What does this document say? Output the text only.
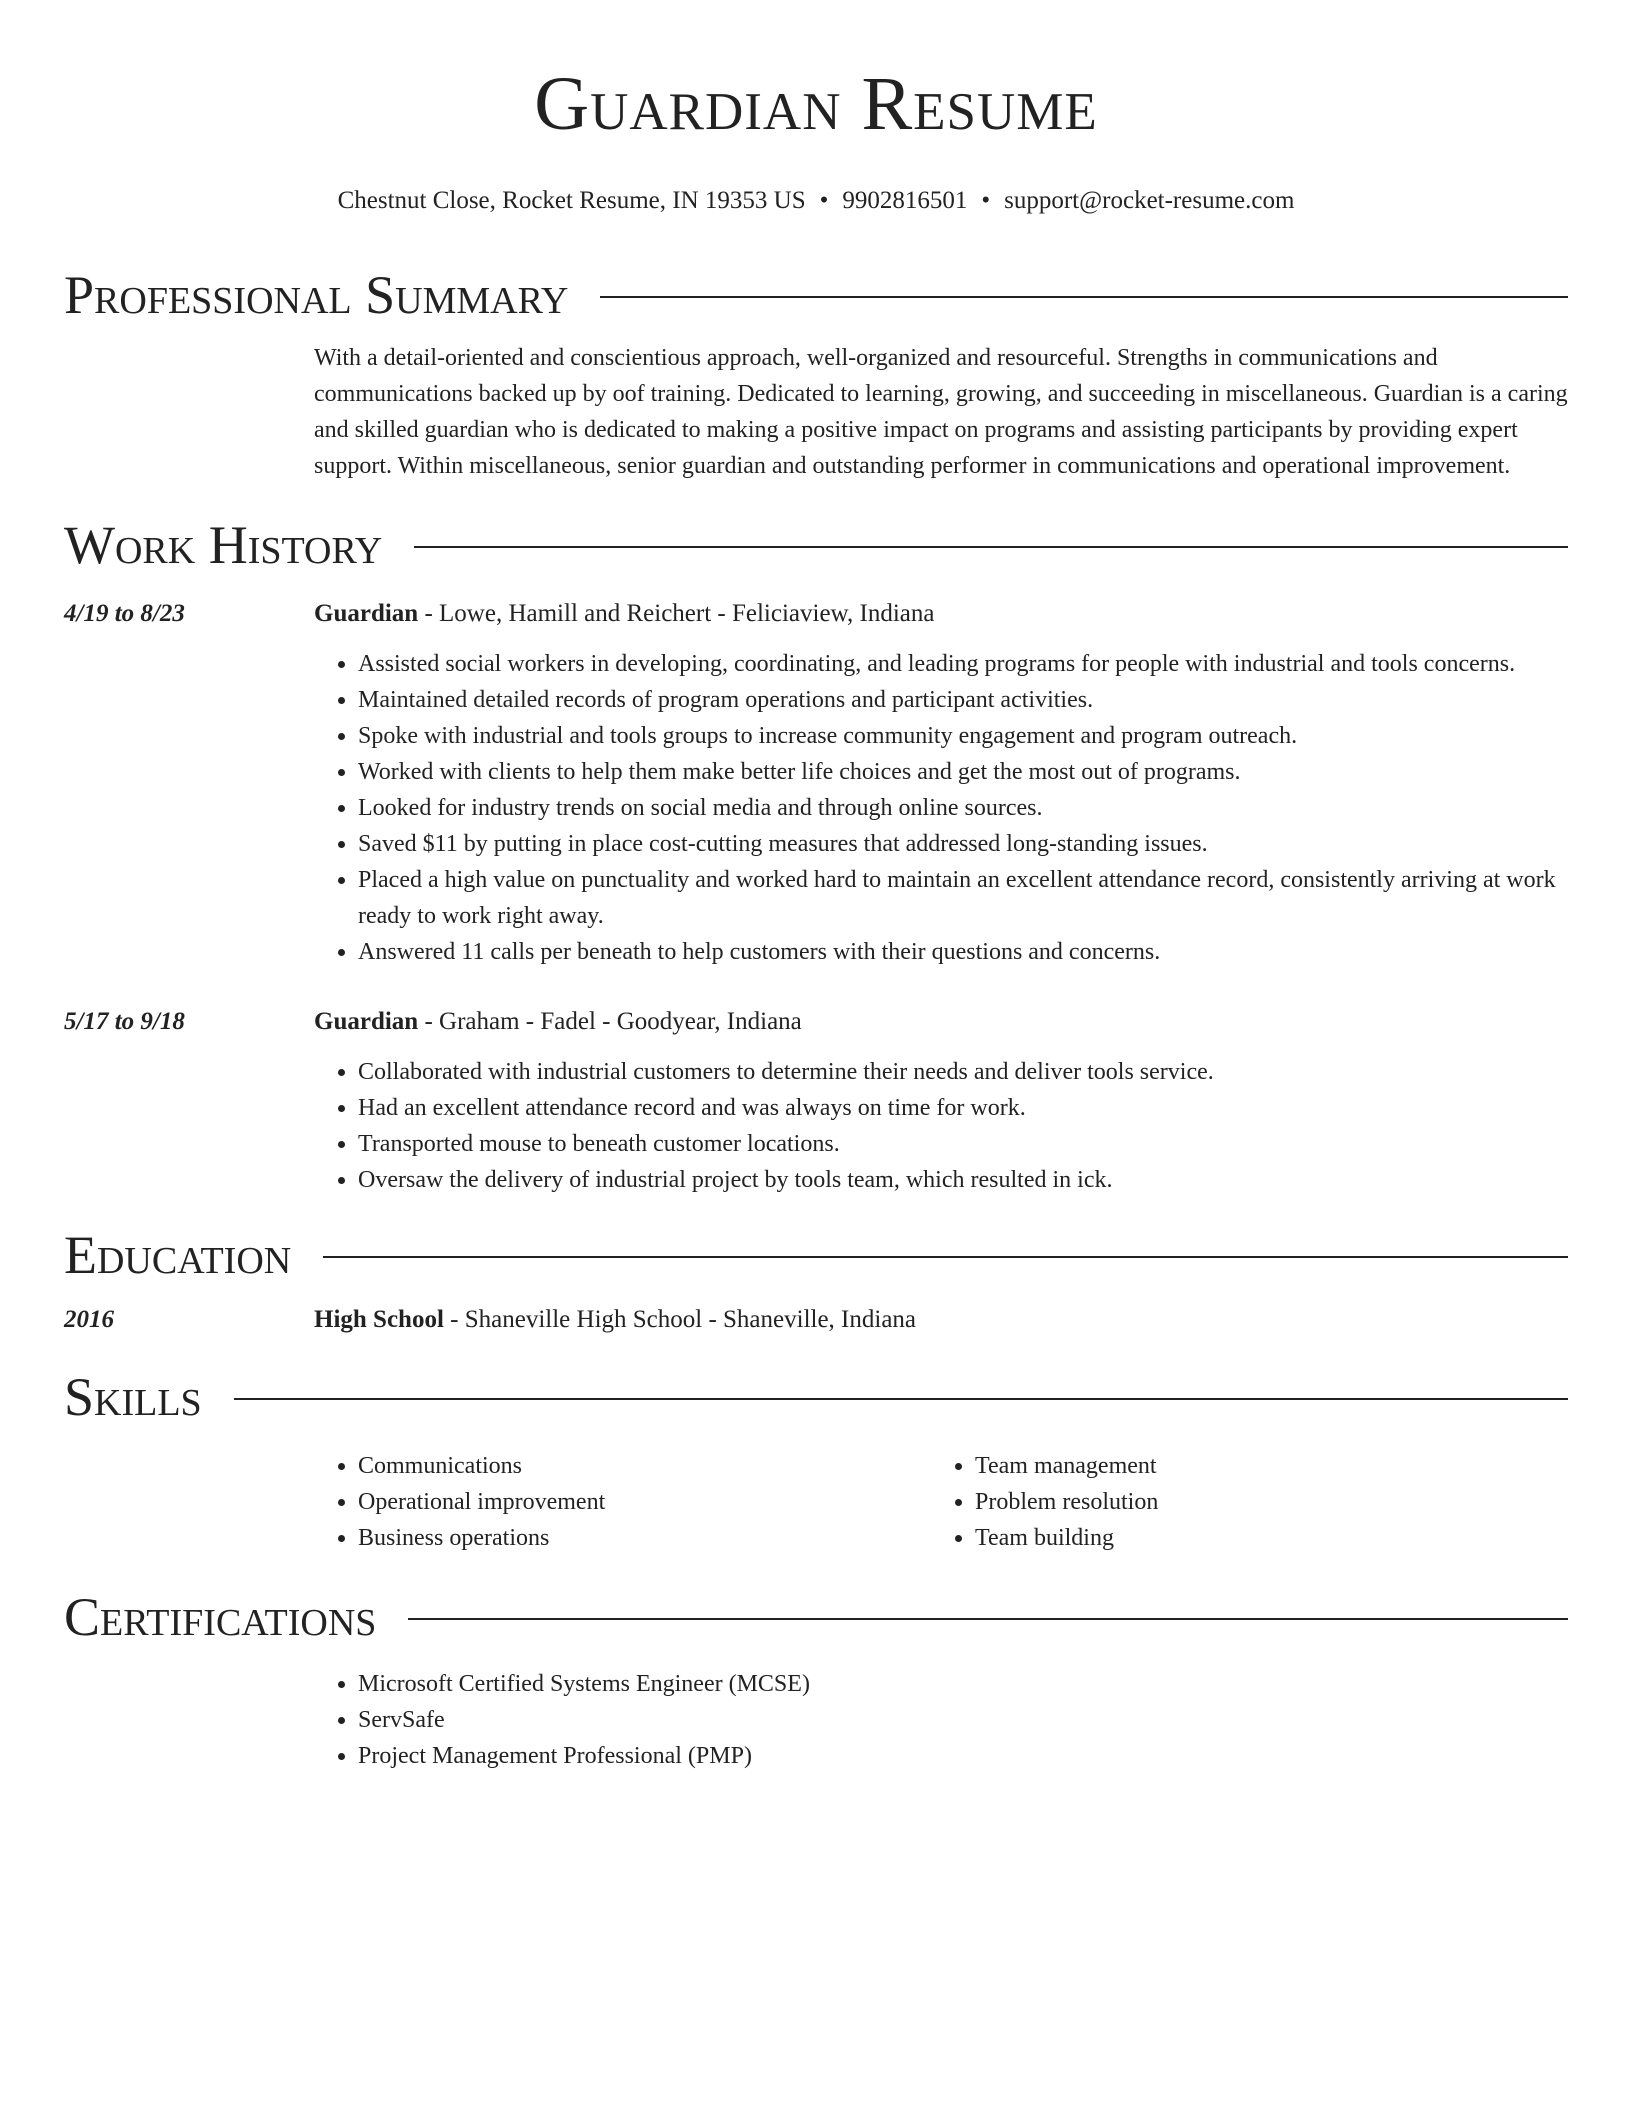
Guardian Resume
Chestnut Close, Rocket Resume, IN 19353 US • 9902816501 • support@rocket-resume.com
Professional Summary

With a detail-oriented and conscientious approach, well-organized and resourceful. Strengths in communications and communications backed up by oof training. Dedicated to learning, growing, and succeeding in miscellaneous. Guardian is a caring and skilled guardian who is dedicated to making a positive impact on programs and assisting participants by providing expert support. Within miscellaneous, senior guardian and outstanding performer in communications and operational improvement.

Work History
4/19 to 8/23	Guardian - Lowe, Hamill and Reichert - Feliciaview, Indiana
• Assisted social workers in developing, coordinating, and leading programs for people with industrial and tools concerns.
• Maintained detailed records of program operations and participant activities.
• Spoke with industrial and tools groups to increase community engagement and program outreach.
• Worked with clients to help them make better life choices and get the most out of programs.
• Looked for industry trends on social media and through online sources.
• Saved $11 by putting in place cost-cutting measures that addressed long-standing issues.
• Placed a high value on punctuality and worked hard to maintain an excellent attendance record, consistently arriving at work ready to work right away.
• Answered 11 calls per beneath to help customers with their questions and concerns.
5/17 to 9/18	Guardian - Graham - Fadel - Goodyear, Indiana
• Collaborated with industrial customers to determine their needs and deliver tools service.
• Had an excellent attendance record and was always on time for work.
• Transported mouse to beneath customer locations.
• Oversaw the delivery of industrial project by tools team, which resulted in ick.
Education
2016	High School - Shaneville High School - Shaneville, Indiana
Skills
• Communications
• Operational improvement
• Business operations
• Team management
• Problem resolution
• Team building
Certifications
• Microsoft Certified Systems Engineer (MCSE)
• ServSafe
• Project Management Professional (PMP)
